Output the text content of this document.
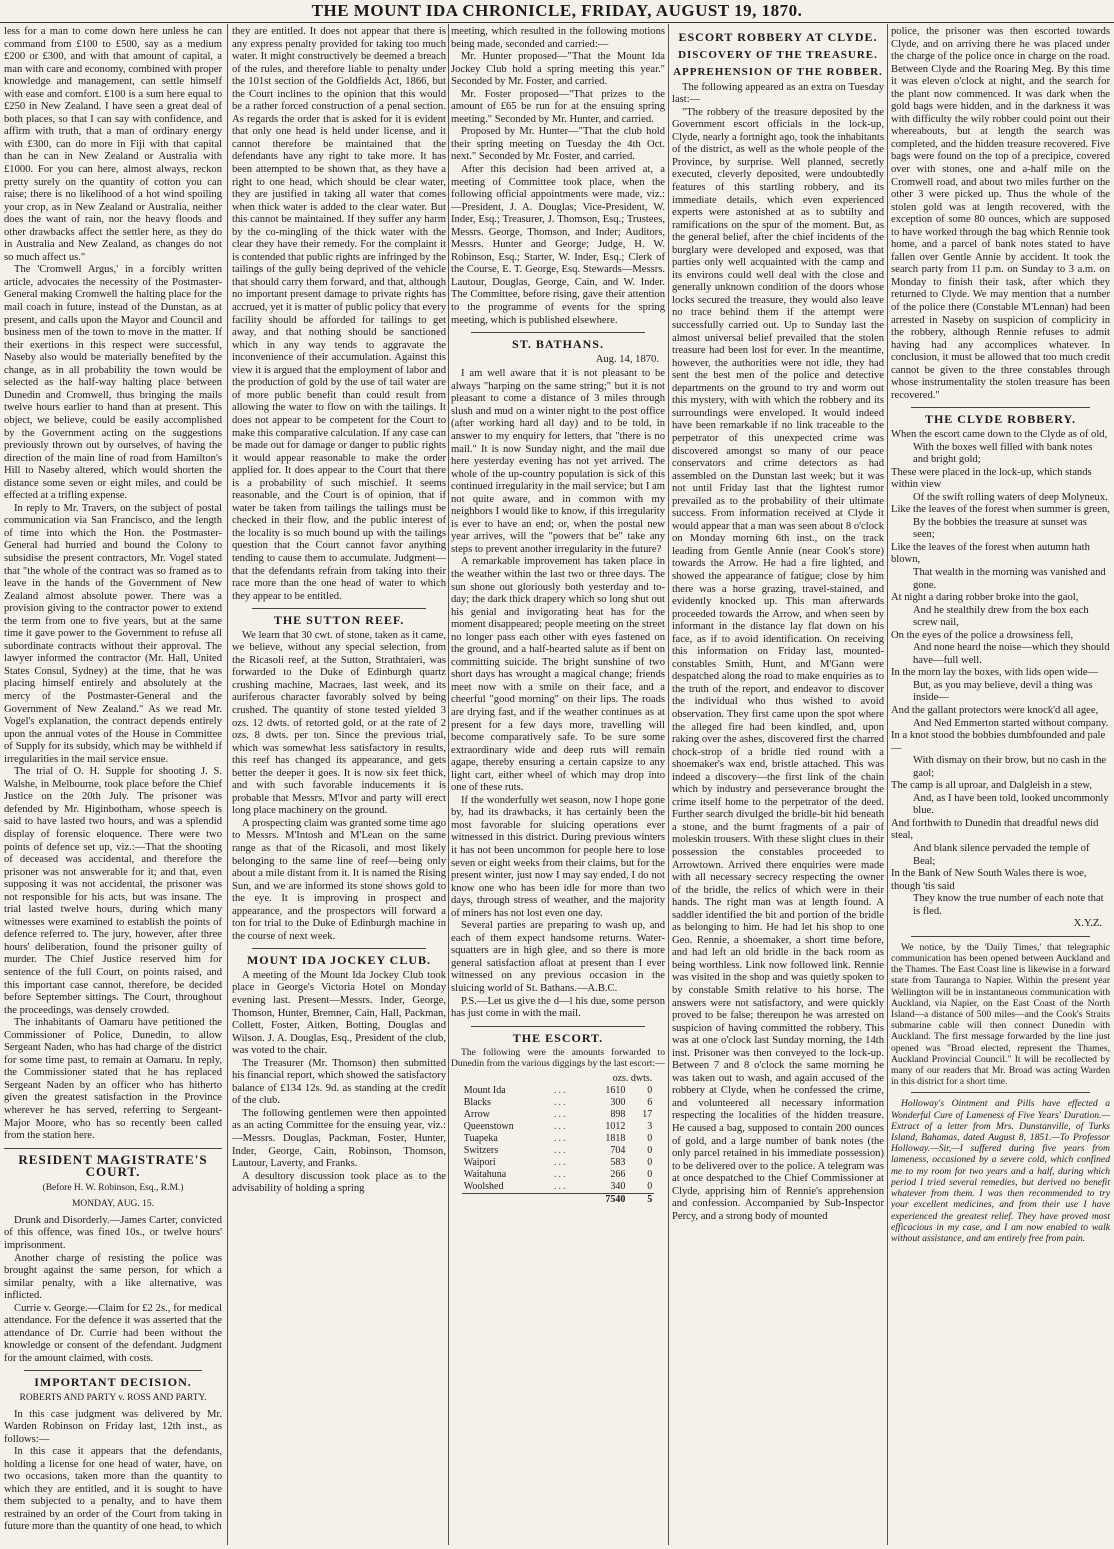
THE MOUNT IDA CHRONICLE, FRIDAY, AUGUST 19, 1870.

less for a man to come down here unless he can command from £100 to £500, say as a medium £200 or £300, and with that amount of capital, a man with care and economy, combined with proper knowledge and management, can settle himself with ease and comfort. £100 is a sum here equal to £250 in New Zealand. I have seen a great deal of both places, so that I can say with confidence, and affirm with truth, that a man of ordinary energy with £300, can do more in Fiji with that capital than he can in New Zealand or Australia with £1000. For you can here, almost always, reckon pretty surely on the quantity of cotton you can raise; there is no likelihood of a hot wind spoiling your crop, as in New Zealand or Australia, neither does the want of rain, nor the heavy floods and other drawbacks affect the settler here, as they do in Australia and New Zealand, as changes do not so much affect us."

The 'Cromwell Argus,' in a forcibly written article, advocates the necessity of the Postmaster-General making Cromwell the halting place for the mail coach in future, instead of the Dunstan, as at present, and calls upon the Mayor and Council and business men of the town to move in the matter. If their exertions in this respect were successful, Naseby also would be materially benefited by the change, as in all probability the town would be selected as the half-way halting place between Dunedin and Cromwell, thus bringing the mails twelve hours earlier to hand than at present. This object, we believe, could be easily accomplished by the Government acting on the suggestions previously thrown out by ourselves, of having the direction of the main line of road from Hamilton's Hill to Naseby altered, which would shorten the distance some seven or eight miles, and could be effected at a trifling expense.

In reply to Mr. Travers, on the subject of postal communication via San Francisco, and the length of time into which the Hon. the Postmaster-General had hurried and bound the Colony to subsidise the present contractors, Mr. Vogel stated that "the whole of the contract was so framed as to leave in the hands of the Government of New Zealand almost absolute power. There was a provision giving to the contractor power to extend the term from one to five years, but at the same time it gave power to the Government to refuse all subordinate contracts without their approval. The lawyer informed the contractor (Mr. Hall, United States Consul, Sydney) at the time, that he was placing himself entirely and absolutely at the mercy of the Postmaster-General and the Government of New Zealand." As we read Mr. Vogel's explanation, the contract depends entirely upon the annual votes of the House in Committee of Supply for its subsidy, which may be withheld if irregularities in the mail service ensue.

The trial of O. H. Supple for shooting J. S. Walshe, in Melbourne, took place before the Chief Justice on the 20th July. The prisoner was defended by Mr. Higinbotham, whose speech is said to have lasted two hours, and was a splendid display of forensic eloquence. There were two points of defence set up, viz.:—That the shooting of deceased was accidental, and therefore the prisoner was not answerable for it; and that, even supposing it was not accidental, the prisoner was not responsible for his acts, but was insane. The trial lasted twelve hours, during which many witnesses were examined to establish the points of defence referred to. The jury, however, after three hours' deliberation, found the prisoner guilty of murder. The Chief Justice reserved him for sentence of the full Court, on points raised, and this important case cannot, therefore, be decided before September sittings. The Court, throughout the proceedings, was densely crowded.

The inhabitants of Oamaru have petitioned the Commissioner of Police, Dunedin, to allow Sergeant Naden, who has had charge of the district for some time past, to remain at Oamaru. In reply, the Commissioner stated that he has replaced Sergeant Naden by an officer who has hitherto given the greatest satisfaction in the Province wherever he has served, referring to Sergeant-Major Moore, who has so recently been called from the station here.

RESIDENT MAGISTRATE'S COURT.
(Before H. W. Robinson, Esq., R.M.)
MONDAY, AUG. 15.

Drunk and Disorderly.—James Carter, convicted of this offence, was fined 10s., or twelve hours' imprisonment.

Another charge of resisting the police was brought against the same person, for which a similar penalty, with a like alternative, was inflicted.

Currie v. George.—Claim for £2 2s., for medical attendance. For the defence it was asserted that the attendance of Dr. Currie had been without the knowledge or consent of the defendant. Judgment for the amount claimed, with costs.

IMPORTANT DECISION.
ROBERTS AND PARTY v. ROSS AND PARTY.

In this case judgment was delivered by Mr. Warden Robinson on Friday last, 12th inst., as follows:—

In this case it appears that the defendants, holding a license for one head of water, have, on two occasions, taken more than the quantity to which they are entitled, and it is sought to have them subjected to a penalty, and to have them restrained by an order of the Court from taking in future more than the quantity of one head, to which

they are entitled. It does not appear that there is any express penalty provided for taking too much water. It might constructively be deemed a breach of the rules, and therefore liable to penalty under the 101st section of the Goldfields Act, 1866, but the Court inclines to the opinion that this would be a rather forced construction of a penal section. As regards the order that is asked for it is evident that only one head is held under license, and it cannot therefore be maintained that the defendants have any right to take more. It has been attempted to be shown that, as they have a right to one head, which should be clear water, they are justified in taking all water that comes when thick water is added to the clear water. But this cannot be maintained. If they suffer any harm by the co-mingling of the thick water with the clear they have their remedy. For the complaint it is contended that public rights are infringed by the tailings of the gully being deprived of the vehicle that should carry them forward, and that, although no important present damage to private rights has accrued, yet it is matter of public policy that every facility should be afforded for tailings to get away, and that nothing should be sanctioned which in any way tends to aggravate the inconvenience of their accumulation. Against this view it is argued that the employment of labor and the production of gold by the use of tail water are of more public benefit than could result from allowing the water to flow on with the tailings. It does not appear to be competent for the Court to make this comparative calculation. If any case can be made out for damage or danger to public rights it would appear reasonable to make the order applied for. It does appear to the Court that there is a probability of such mischief. It seems reasonable, and the Court is of opinion, that if water be taken from tailings the tailings must be checked in their flow, and the public interest of the locality is so much bound up with the tailings question that the Court cannot favor anything tending to cause them to accumulate. Judgment—that the defendants refrain from taking into their race more than the one head of water to which they appear to be entitled.

THE SUTTON REEF.

We learn that 30 cwt. of stone, taken as it came, we believe, without any special selection, from the Ricasoli reef, at the Sutton, Strathtaieri, was forwarded to the Duke of Edinburgh quartz crushing machine, Macraes, last week, and its auriferous character favorably solved by being crushed. The quantity of stone tested yielded 3 ozs. 12 dwts. of retorted gold, or at the rate of 2 ozs. 8 dwts. per ton. Since the previous trial, which was somewhat less satisfactory in results, this reef has changed its appearance, and gets better the deeper it goes. It is now six feet thick, and with such favorable inducements it is probable that Messrs. M'Ivor and party will erect long place machinery on the ground.

A prospecting claim was granted some time ago to Messrs. M'Intosh and M'Lean on the same range as that of the Ricasoli, and most likely belonging to the same line of reef—being only about a mile distant from it. It is named the Rising Sun, and we are informed its stone shows gold to the eye. It is improving in prospect and appearance, and the prospectors will forward a ton for trial to the Duke of Edinburgh machine in the course of next week.

MOUNT IDA JOCKEY CLUB.

A meeting of the Mount Ida Jockey Club took place in George's Victoria Hotel on Monday evening last. Present—Messrs. Inder, George, Thomson, Hunter, Bremner, Cain, Hall, Packman, Collett, Foster, Aitken, Botting, Douglas and Wilson. J. A. Douglas, Esq., President of the club, was voted to the chair.

The Treasurer (Mr. Thomson) then submitted his financial report, which showed the satisfactory balance of £134 12s. 9d. as standing at the credit of the club.

The following gentlemen were then appointed as an acting Committee for the ensuing year, viz.:—Messrs. Douglas, Packman, Foster, Hunter, Inder, George, Cain, Robinson, Thomson, Lautour, Laverty, and Franks.

A desultory discussion took place as to the advisability of holding a spring

meeting, which resulted in the following motions being made, seconded and carried:—

Mr. Hunter proposed—"That the Mount Ida Jockey Club hold a spring meeting this year." Seconded by Mr. Foster, and carried.

Mr. Foster proposed—"That prizes to the amount of £65 be run for at the ensuing spring meeting." Seconded by Mr. Hunter, and carried.

Proposed by Mr. Hunter—"That the club hold their spring meeting on Tuesday the 4th Oct. next." Seconded by Mr. Foster, and carried.

After this decision had been arrived at, a meeting of Committee took place, when the following official appointments were made, viz.:—President, J. A. Douglas; Vice-President, W. Inder, Esq.; Treasurer, J. Thomson, Esq.; Trustees, Messrs. George, Thomson, and Inder; Auditors, Messrs. Hunter and George; Judge, H. W. Robinson, Esq.; Starter, W. Inder, Esq.; Clerk of the Course, E. T. George, Esq. Stewards—Messrs. Lautour, Douglas, George, Cain, and W. Inder. The Committee, before rising, gave their attention to the programme of events for the spring meeting, which is published elsewhere.

ST. BATHANS.
Aug. 14, 1870.

I am well aware that it is not pleasant to be always "harping on the same string;" but it is not pleasant to come a distance of 3 miles through slush and mud on a winter night to the post office (after working hard all day) and to be told, in answer to my enquiry for letters, that "there is no mail." It is now Sunday night, and the mail due here yesterday evening has not yet arrived. The whole of the up-country population is sick of this continued irregularity in the mail service; but I am not quite aware, and in common with my neighbors I would like to know, if this irregularity is ever to have an end; or, when the postal new year arrives, will the "powers that be" take any steps to prevent another irregularity in the future?

A remarkable improvement has taken place in the weather within the last two or three days. The sun shone out gloriously both yesterday and to-day; the dark thick drapery which so long shut out his genial and invigorating heat has for the moment disappeared; people meeting on the street no longer pass each other with eyes fastened on the ground, and a half-hearted salute as if bent on committing suicide. The bright sunshine of two short days has wrought a magical change; friends meet now with a smile on their face, and a cheerful "good morning" on their lips. The roads are drying fast, and if the weather continues as at present for a few days more, travelling will become comparatively safe. To be sure some extraordinary wide and deep ruts will remain agape, thereby ensuring a certain capsize to any light cart, either wheel of which may drop into one of these ruts.

If the wonderfully wet season, now I hope gone by, had its drawbacks, it has certainly been the most favorable for sluicing operations ever witnessed in this district. During previous winters it has not been uncommon for people here to lose seven or eight weeks from their claims, but for the present winter, just now I may say ended, I do not know one who has been idle for more than two days, through stress of weather, and the majority of miners has not lost even one day.

Several parties are preparing to wash up, and each of them expect handsome returns. Water-squatters are in high glee, and so there is more general satisfaction afloat at present than I ever witnessed on any previous occasion in the sluicing world of St. Bathans.—A.B.C.

P.S.—Let us give the d—l his due, some person has just come in with the mail.

THE ESCORT.

The following were the amounts forwarded to Dunedin from the various diggings by the last escort:—

		ozs. dwts.	
Mount Ida	...	1610	0
Blacks	...	300	6
Arrow	...	898	17
Queenstown	...	1012	3
Tuapeka	...	1818	0
Switzers	...	704	0
Waipori	...	583	0
Waitahuna	...	266	0
Woolshed	...	340	0
		7540	5
ESCORT ROBBERY AT CLYDE.
DISCOVERY OF THE TREASURE.
APPREHENSION OF THE ROBBER.

The following appeared as an extra on Tuesday last:—

"The robbery of the treasure deposited by the Government escort officials in the lock-up, Clyde, nearly a fortnight ago, took the inhabitants of the district, as well as the whole people of the Province, by surprise. Well planned, secretly executed, cleverly deposited, were undoubtedly features of this startling robbery, and its immediate details, which even experienced experts were astonished at as to subtilty and ramifications on the spur of the moment. But, as the general belief, after the chief incidents of the burglary were developed and exposed, was that parties only well acquainted with the camp and its environs could well deal with the close and generally unknown condition of the doors whose locks secured the treasure, they would also leave no trace behind them if the attempt were successfully carried out. Up to Sunday last the almost universal belief prevailed that the stolen treasure had been lost for ever. In the meantime, however, the authorities were not idle, they had sent the best men of the police and detective departments on the ground to try and worm out this mystery, with with which the robbery and its surroundings were enveloped. It would indeed have been remarkable if no link traceable to the perpetrator of this unexpected crime was discovered amongst so many of our peace conservators and crime detectors as had assembled on the Dunstan last week; but it was not until Friday last that the lightest rumor prevailed as to the probability of their ultimate success. From information received at Clyde it would appear that a man was seen about 8 o'clock on Monday morning 6th inst., on the track leading from Gentle Annie (near Cook's store) towards the Arrow. He had a fire lighted, and showed the appearance of fatigue; close by him there was a horse grazing, travel-stained, and evidently knocked up. This man afterwards proceeded towards the Arrow, and when seen by informant in the distance lay flat down on his face, as if to avoid identification. On receiving this information on Friday last, mounted-constables Smith, Hunt, and M'Gann were despatched along the road to make enquiries as to the truth of the report, and endeavor to discover the individual who thus wished to avoid observation. They first came upon the spot where the alleged fire had been kindled, and, upon raking over the ashes, discovered first the charred chock-strop of a bridle tied round with a shoemaker's wax end, bristle attached. This was indeed a discovery—the first link of the chain which by industry and perseverance brought the crime itself home to the perpetrator of the deed. Further search divulged the bridle-bit hid beneath a stone, and the burnt fragments of a pair of moleskin trousers. With these slight clues in their possession the constables proceeded to Arrowtown. Arrived there enquiries were made with all necessary secrecy respecting the owner of the bridle, the relics of which were in their hands. The right man was at length found. A saddler identified the bit and portion of the bridle as belonging to him. He had let his shop to one Geo. Rennie, a shoemaker, a short time before, and had left an old bridle in the back room as being worthless. Link now followed link. Rennie was visited in the shop and was quietly spoken to by constable Smith relative to his horse. The answers were not satisfactory, and were quickly proved to be false; thereupon he was arrested on suspicion of having committed the robbery. This was at one o'clock last Sunday morning, the 14th inst. Prisoner was then conveyed to the lock-up. Between 7 and 8 o'clock the same morning he was taken out to wash, and again accused of the robbery at Clyde, when he confessed the crime, and volunteered all necessary information respecting the localities of the hidden treasure. He caused a bag, supposed to contain 200 ounces of gold, and a large number of bank notes (the only parcel retained in his immediate possession) to be delivered over to the police. A telegram was at once despatched to the Chief Commissioner at Clyde, apprising him of Rennie's apprehension and confession. Accompanied by Sub-Inspector Percy, and a strong body of mounted

police, the prisoner was then escorted towards Clyde, and on arriving there he was placed under the charge of the police once in charge on the road. Between Clyde and the Roaring Meg. By this time it was eleven o'clock at night, and the search for the plant now commenced. It was dark when the gold bags were hidden, and in the darkness it was with difficulty the wily robber could point out their whereabouts, but at length the search was completed, and the hidden treasure recovered. Five bags were found on the top of a precipice, covered over with stones, one and a-half mile on the Cromwell road, and about two miles further on the other 3 were picked up. Thus the whole of the stolen gold was at length recovered, with the exception of some 80 ounces, which are supposed to have worked through the bag which Rennie took home, and a parcel of bank notes stated to have fallen over Gentle Annie by accident. It took the search party from 11 p.m. on Sunday to 3 a.m. on Monday to finish their task, after which they returned to Clyde. We may mention that a number of the police there (Constable M'Lennan) had been arrested in Naseby on suspicion of complicity in the robbery, although Rennie refuses to admit having had any accomplices whatever. In conclusion, it must be allowed that too much credit cannot be given to the three constables through whose instrumentality the stolen treasure has been recovered."

THE CLYDE ROBBERY.

When the escort came down to the Clyde as of old,

With the boxes well filled with bank notes and bright gold;

These were placed in the lock-up, which stands within view

Of the swift rolling waters of deep Molyneux.

Like the leaves of the forest when summer is green,

By the bobbies the treasure at sunset was seen;

Like the leaves of the forest when autumn hath blown,

That wealth in the morning was vanished and gone.

At night a daring robber broke into the gaol,

And he stealthily drew from the box each screw nail,

On the eyes of the police a drowsiness fell,

And none heard the noise—which they should have—full well.

In the morn lay the boxes, with lids open wide—

But, as you may believe, devil a thing was inside—

And the gallant protectors were knock'd all agee,

And Ned Emmerton started without company.

In a knot stood the bobbies dumbfounded and pale—

With dismay on their brow, but no cash in the gaol;

The camp is all uproar, and Dalgleish in a stew,

And, as I have been told, looked uncommonly blue.

And forthwith to Dunedin that dreadful news did steal,

And blank silence pervaded the temple of Beal;

In the Bank of New South Wales there is woe, though 'tis said

They know the true number of each note that is fled.

X.Y.Z.

We notice, by the 'Daily Times,' that telegraphic communication has been opened between Auckland and the Thames. The East Coast line is likewise in a forward state from Tauranga to Napier. Within the present year Wellington will be in instantaneous communication with Auckland, via Napier, on the East Coast of the North Island—a distance of 500 miles—and the Cook's Straits submarine cable will then connect Dunedin with Auckland. The first message forwarded by the line just opened was "Broad elected, represent the Thames, Auckland Provincial Council." It will be recollected by many of our readers that Mr. Broad was acting Warden in this district for a short time.

Holloway's Ointment and Pills have effected a Wonderful Cure of Lameness of Five Years' Duration.—Extract of a letter from Mrs. Dunstanville, of Turks Island, Bahamas, dated August 8, 1851.—To Professor Holloway.—Sir,—I suffered during five years from lameness, occasioned by a severe cold, which confined me to my room for two years and a half, during which period I tried several remedies, but derived no benefit whatever from them. I was then recommended to try your excellent medicines, and from their use I have experienced the greatest relief. They have proved most efficacious in my case, and I am now enabled to walk without assistance, and am entirely free from pain.
